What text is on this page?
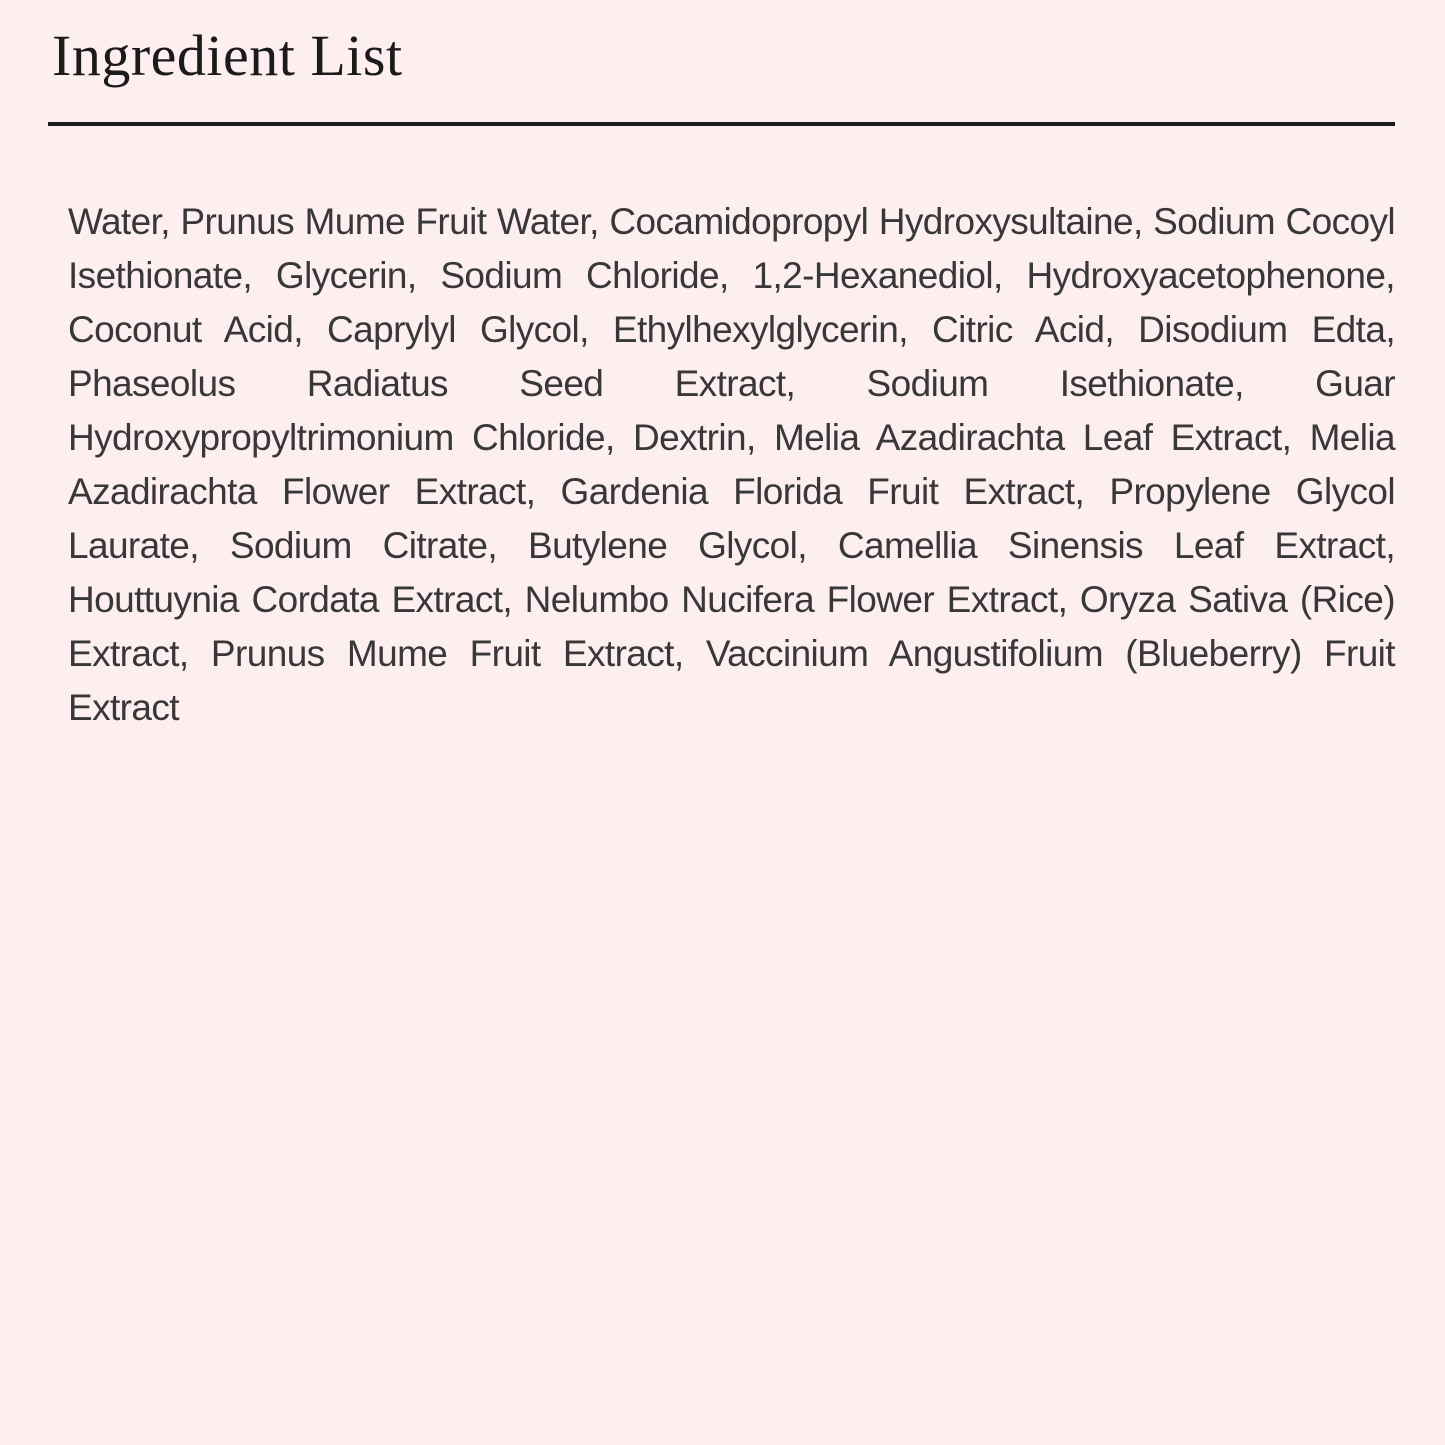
Ingredient List

Water, Prunus Mume Fruit Water, Cocamidopropyl Hydroxysultaine, Sodium Cocoyl Isethionate, Glycerin, Sodium Chloride, 1,2-Hexanediol, Hydroxyacetophenone, Coconut Acid, Caprylyl Glycol, Ethylhexylglycerin, Citric Acid, Disodium Edta, Phaseolus Radiatus Seed Extract, Sodium Isethionate, Guar Hydroxypropyltrimonium Chloride, Dextrin, Melia Azadirachta Leaf Extract, Melia Azadirachta Flower Extract, Gardenia Florida Fruit Extract, Propylene Glycol Laurate, Sodium Citrate, Butylene Glycol, Camellia Sinensis Leaf Extract, Houttuynia Cordata Extract, Nelumbo Nucifera Flower Extract, Oryza Sativa (Rice) Extract, Prunus Mume Fruit Extract, Vaccinium Angustifolium (Blueberry) Fruit Extract
